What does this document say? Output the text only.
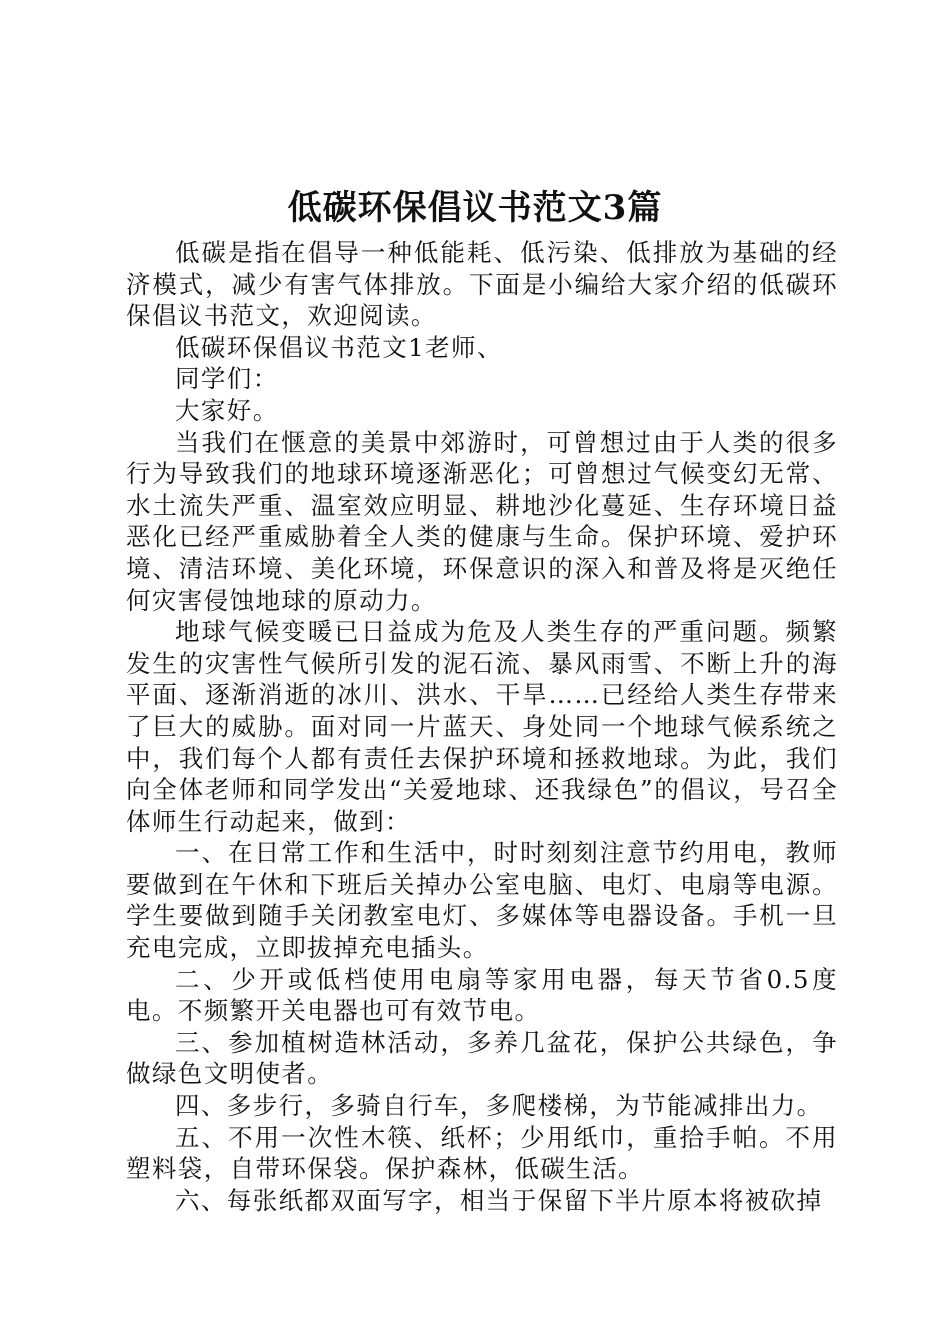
低碳环保倡议书范文3篇

低碳是指在倡导一种低能耗、低污染、低排放为基础的经济模式，减少有害气体排放。下面是小编给大家介绍的低碳环保倡议书范文，欢迎阅读。

低碳环保倡议书范文1老师、

同学们：

大家好。

当我们在惬意的美景中郊游时，可曾想过由于人类的很多行为导致我们的地球环境逐渐恶化；可曾想过气候变幻无常、水土流失严重、温室效应明显、耕地沙化蔓延、生存环境日益恶化已经严重威胁着全人类的健康与生命。保护环境、爱护环境、清洁环境、美化环境，环保意识的深入和普及将是灭绝任何灾害侵蚀地球的原动力。

地球气候变暖已日益成为危及人类生存的严重问题。频繁发生的灾害性气候所引发的泥石流、暴风雨雪、不断上升的海平面、逐渐消逝的冰川、洪水、干旱……已经给人类生存带来了巨大的威胁。面对同一片蓝天、身处同一个地球气候系统之中，我们每个人都有责任去保护环境和拯救地球。为此，我们向全体老师和同学发出“关爱地球、还我绿色”的倡议，号召全体师生行动起来，做到：

一、在日常工作和生活中，时时刻刻注意节约用电，教师要做到在午休和下班后关掉办公室电脑、电灯、电扇等电源。学生要做到随手关闭教室电灯、多媒体等电器设备。手机一旦充电完成，立即拔掉充电插头。

二、少开或低档使用电扇等家用电器，每天节省0.5度电。不频繁开关电器也可有效节电。

三、参加植树造林活动，多养几盆花，保护公共绿色，争做绿色文明使者。

四、多步行，多骑自行车，多爬楼梯，为节能减排出力。

五、不用一次性木筷、纸杯；少用纸巾，重拾手帕。不用塑料袋，自带环保袋。保护森林，低碳生活。

六、每张纸都双面写字，相当于保留下半片原本将被砍掉
